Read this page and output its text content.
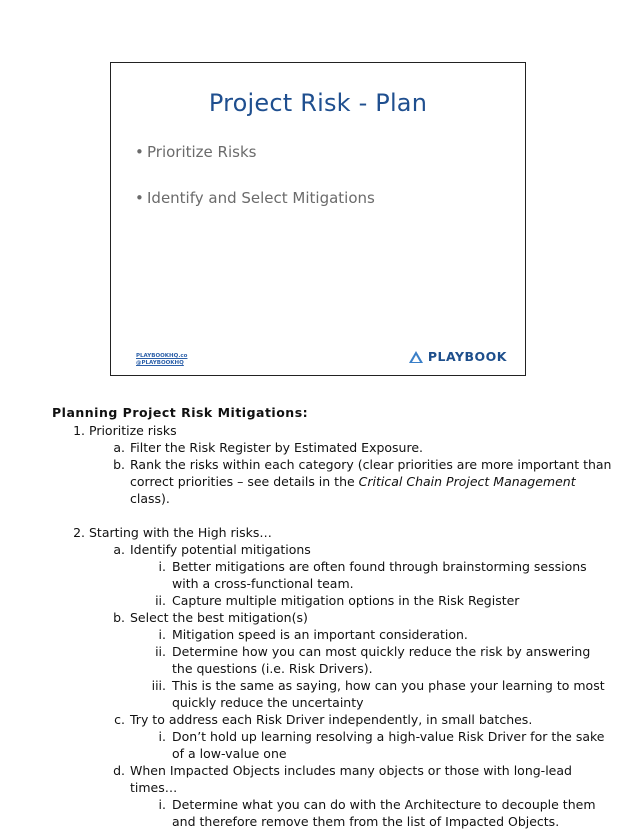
Project Risk - Plan
• Prioritize Risks
• Identify and Select Mitigations
PLAYBOOKHQ.co
@PLAYBOOKHQ	PLAYBOOK
Planning Project Risk Mitigations:
1. Prioritize risks
a. Filter the Risk Register by Estimated Exposure.
b. Rank the risks within each category (clear priorities are more important than correct priorities – see details in the Critical Chain Project Management class).
2. Starting with the High risks…
a. Identify potential mitigations
i. Better mitigations are often found through brainstorming sessions with a cross-functional team.
ii. Capture multiple mitigation options in the Risk Register
b. Select the best mitigation(s)
i. Mitigation speed is an important consideration.
ii. Determine how you can most quickly reduce the risk by answering the questions (i.e. Risk Drivers).
iii. This is the same as saying, how can you phase your learning to most quickly reduce the uncertainty
c. Try to address each Risk Driver independently, in small batches.
i. Don’t hold up learning resolving a high-value Risk Driver for the sake of a low-value one
d. When Impacted Objects includes many objects or those with long-lead times…
i. Determine what you can do with the Architecture to decouple them and therefore remove them from the list of Impacted Objects.
